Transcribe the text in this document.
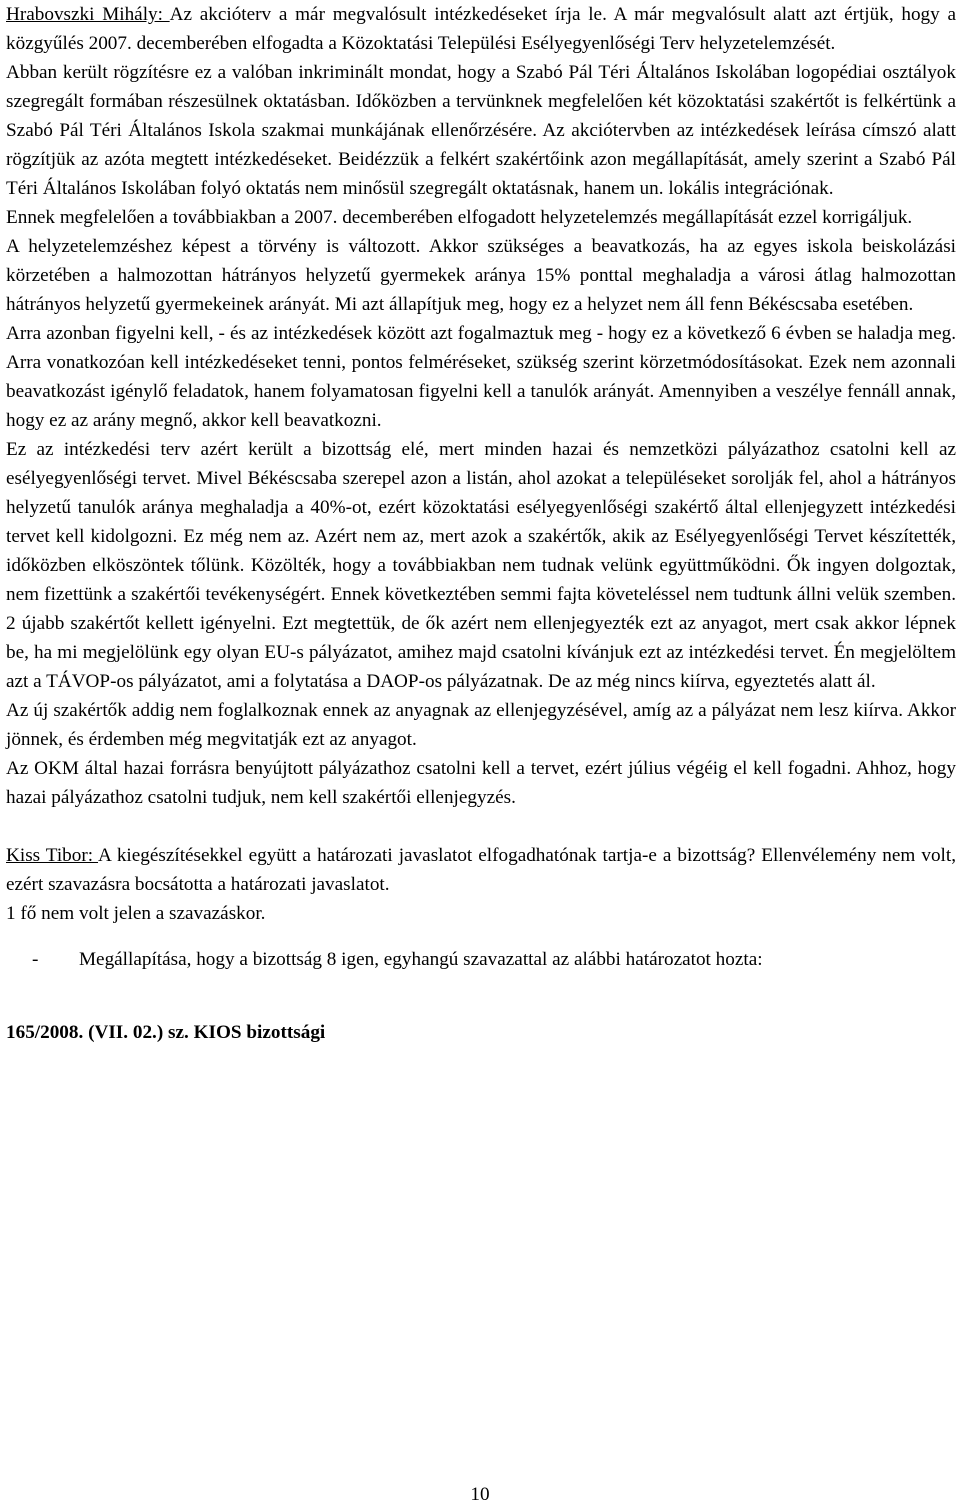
Hrabovszki Mihály: Az akcióterv a már megvalósult intézkedéseket írja le. A már megvalósult alatt azt értjük, hogy a közgyűlés 2007. decemberében elfogadta a Közoktatási Települési Esélyegyenlőségi Terv helyzetelemzését.

Abban került rögzítésre ez a valóban inkriminált mondat, hogy a Szabó Pál Téri Általános Iskolában logopédiai osztályok szegregált formában részesülnek oktatásban. Időközben a tervünknek megfelelően két közoktatási szakértőt is felkértünk a Szabó Pál Téri Általános Iskola szakmai munkájának ellenőrzésére. Az akciótervben az intézkedések leírása címszó alatt rögzítjük az azóta megtett intézkedéseket. Beidézzük a felkért szakértőink azon megállapítását, amely szerint a Szabó Pál Téri Általános Iskolában folyó oktatás nem minősül szegregált oktatásnak, hanem un. lokális integrációnak.

Ennek megfelelően a továbbiakban a 2007. decemberében elfogadott helyzetelemzés megállapítását ezzel korrigáljuk.

A helyzetelemzéshez képest a törvény is változott. Akkor szükséges a beavatkozás, ha az egyes iskola beiskolázási körzetében a halmozottan hátrányos helyzetű gyermekek aránya 15% ponttal meghaladja a városi átlag halmozottan hátrányos helyzetű gyermekeinek arányát. Mi azt állapítjuk meg, hogy ez a helyzet nem áll fenn Békéscsaba esetében.

Arra azonban figyelni kell, - és az intézkedések között azt fogalmaztuk meg - hogy ez a következő 6 évben se haladja meg. Arra vonatkozóan kell intézkedéseket tenni, pontos felméréseket, szükség szerint körzetmódosításokat. Ezek nem azonnali beavatkozást igénylő feladatok, hanem folyamatosan figyelni kell a tanulók arányát. Amennyiben a veszélye fennáll annak, hogy ez az arány megnő, akkor kell beavatkozni.

Ez az intézkedési terv azért került a bizottság elé, mert minden hazai és nemzetközi pályázathoz csatolni kell az esélyegyenlőségi tervet. Mivel Békéscsaba szerepel azon a listán, ahol azokat a településeket sorolják fel, ahol a hátrányos helyzetű tanulók aránya meghaladja a 40%-ot, ezért közoktatási esélyegyenlőségi szakértő által ellenjegyzett intézkedési tervet kell kidolgozni. Ez még nem az. Azért nem az, mert azok a szakértők, akik az Esélyegyenlőségi Tervet készítették, időközben elköszöntek tőlünk. Közölték, hogy a továbbiakban nem tudnak velünk együttműködni. Ők ingyen dolgoztak, nem fizettünk a szakértői tevékenységért. Ennek következtében semmi fajta követeléssel nem tudtunk állni velük szemben. 2 újabb szakértőt kellett igényelni. Ezt megtettük, de ők azért nem ellenjegyezték ezt az anyagot, mert csak akkor lépnek be, ha mi megjelölünk egy olyan EU-s pályázatot, amihez majd csatolni kívánjuk ezt az intézkedési tervet. Én megjelöltem azt a TÁVOP-os pályázatot, ami a folytatása a DAOP-os pályázatnak. De az még nincs kiírva, egyeztetés alatt ál.

Az új szakértők addig nem foglalkoznak ennek az anyagnak az ellenjegyzésével, amíg az a pályázat nem lesz kiírva. Akkor jönnek, és érdemben még megvitatják ezt az anyagot.

Az OKM által hazai forrásra benyújtott pályázathoz csatolni kell a tervet, ezért július végéig el kell fogadni. Ahhoz, hogy hazai pályázathoz csatolni tudjuk, nem kell szakértői ellenjegyzés.

Kiss Tibor: A kiegészítésekkel együtt a határozati javaslatot elfogadhatónak tartja-e a bizottság? Ellenvélemény nem volt, ezért szavazásra bocsátotta a határozati javaslatot.

1 fő nem volt jelen a szavazáskor.

-	Megállapítása, hogy a bizottság 8 igen, egyhangú szavazattal az alábbi határozatot hozta:
165/2008. (VII. 02.) sz. KIOS bizottsági
10
